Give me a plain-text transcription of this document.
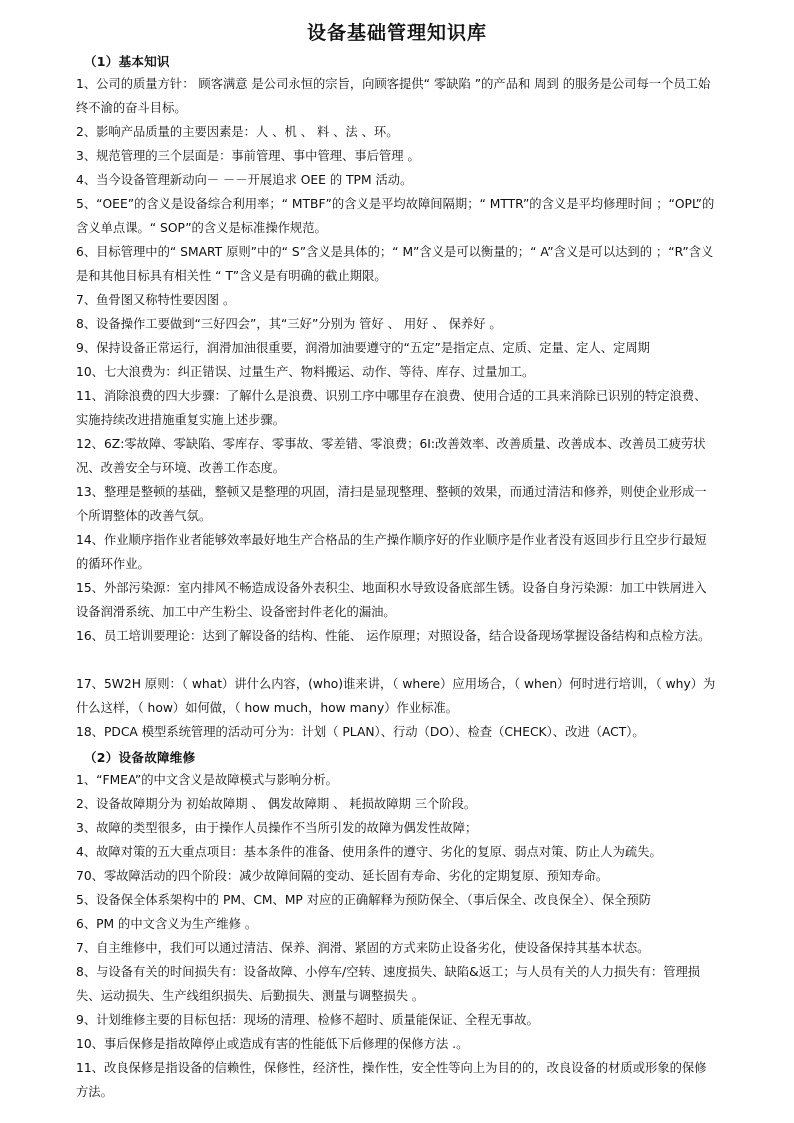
设备基础管理知识库
（1）基本知识
1、公司的质量方针： 顾客满意 是公司永恒的宗旨，向顾客提供“ 零缺陷 ”的产品和 周到 的服务是公司每一个员工始终不渝的奋斗目标。
2、影响产品质量的主要因素是：人 、机 、 料 、法 、环。
3、规范管理的三个层面是：事前管理、事中管理、事后管理 。
4、当今设备管理新动向－ －－开展追求 OEE 的 TPM 活动。
5、“OEE”的含义是设备综合利用率；“ MTBF”的含义是平均故障间隔期；“ MTTR”的含义是平均修理时间 ；“OPL”的含义单点课。“ SOP”的含义是标准操作规范。
6、目标管理中的“ SMART 原则”中的“ S”含义是具体的；“ M”含义是可以衡量的；“ A”含义是可以达到的 ；“R”含义是和其他目标具有相关性 “ T”含义是有明确的截止期限。
7、鱼骨图又称特性要因图 。
8、设备操作工要做到“三好四会”，其“三好”分别为 管好 、 用好 、 保养好 。
9、保持设备正常运行，润滑加油很重要，润滑加油要遵守的“五定”是指定点、定质、定量、定人、定周期
10、七大浪费为：纠正错误、过量生产、物料搬运、动作、等待、库存、过量加工。
11、消除浪费的四大步骤：了解什么是浪费、识别工序中哪里存在浪费、使用合适的工具来消除已识别的特定浪费、实施持续改进措施重复实施上述步骤。
12、6Z:零故障、零缺陷、零库存、零事故、零差错、零浪费；6I:改善效率、改善质量、改善成本、改善员工疲劳状况、改善安全与环境、改善工作态度。
13、整理是整顿的基础，整顿又是整理的巩固，清扫是显现整理、整顿的效果，而通过清洁和修养，则使企业形成一个所谓整体的改善气氛。
14、作业顺序指作业者能够效率最好地生产合格品的生产操作顺序好的作业顺序是作业者没有返回步行且空步行最短的循环作业。
15、外部污染源：室内排风不畅造成设备外表积尘、地面积水导致设备底部生锈。设备自身污染源：加工中铁屑进入设备润滑系统、加工中产生粉尘、设备密封件老化的漏油。
16、员工培训要理论：达到了解设备的结构、性能、 运作原理；对照设备，结合设备现场掌握设备结构和点检方法。
17、5W2H 原则：（ what）讲什么内容，(who)谁来讲，（ where）应用场合，（ when）何时进行培训，（ why）为什么这样，（ how）如何做，（ how much，how many）作业标准。
18、PDCA 模型系统管理的活动可分为：计划（ PLAN）、行动（DO）、检查（CHECK）、改进（ACT）。
（2）设备故障维修
1、“FMEA”的中文含义是故障模式与影响分析。
2、设备故障期分为 初始故障期 、 偶发故障期 、 耗损故障期 三个阶段。
3、故障的类型很多，由于操作人员操作不当所引发的故障为偶发性故障；
4、故障对策的五大重点项目：基本条件的准备、使用条件的遵守、劣化的复原、弱点对策、防止人为疏失。
70、零故障活动的四个阶段：减少故障间隔的变动、延长固有寿命、劣化的定期复原、预知寿命。
5、设备保全体系架构中的 PM、CM、MP 对应的正确解释为预防保全、（事后保全、改良保全）、保全预防
6、PM 的中文含义为生产维修 。
7、自主维修中，我们可以通过清洁、保养、润滑、紧固的方式来防止设备劣化，使设备保持其基本状态。
8、与设备有关的时间损失有：设备故障、小停车/空转、速度损失、缺陷&返工；与人员有关的人力损失有：管理损失、运动损失、生产线组织损失、后勤损失、测量与调整损失 。
9、计划维修主要的目标包括：现场的清理、检修不超时、质量能保证、全程无事故。
10、事后保修是指故障停止或造成有害的性能低下后修理的保修方法 .。
11、改良保修是指设备的信赖性，保修性，经济性，操作性，安全性等向上为目的的，改良设备的材质或形象的保修方法。
